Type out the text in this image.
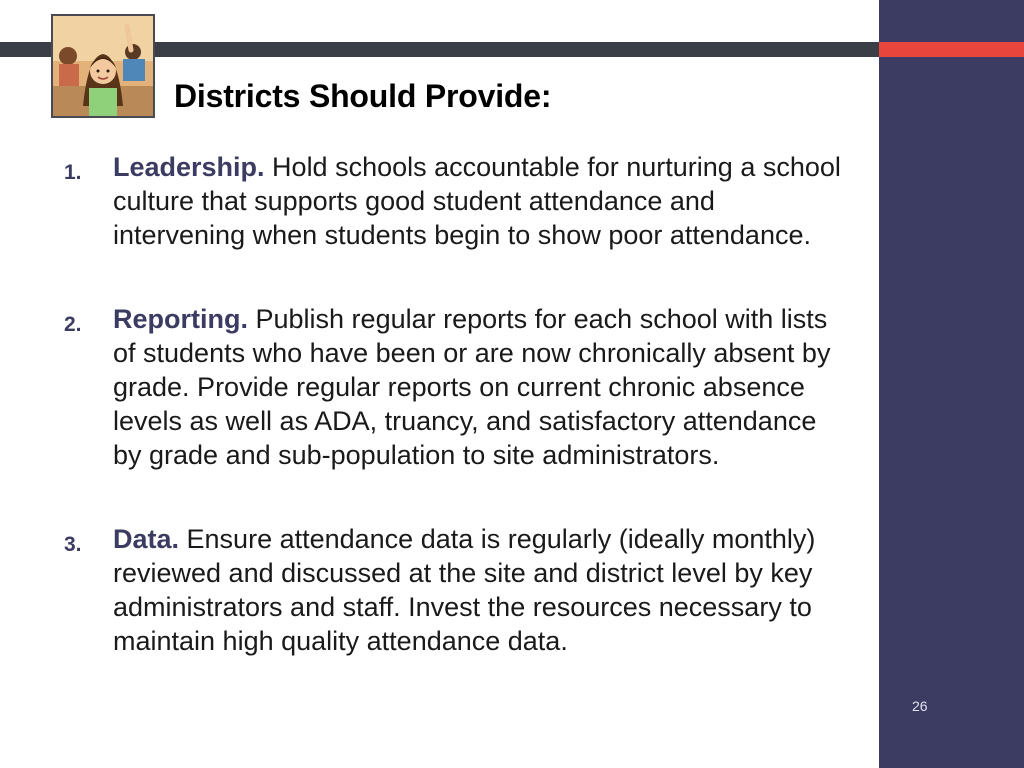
Districts Should Provide:
1. Leadership. Hold schools accountable for nurturing a school culture that supports good student attendance and intervening when students begin to show poor attendance.
2. Reporting. Publish regular reports for each school with lists of students who have been or are now chronically absent by grade. Provide regular reports on current chronic absence levels as well as ADA, truancy, and satisfactory attendance by grade and sub-population to site administrators.
3. Data. Ensure attendance data is regularly (ideally monthly) reviewed and discussed at the site and district level by key administrators and staff. Invest the resources necessary to maintain high quality attendance data.
26
